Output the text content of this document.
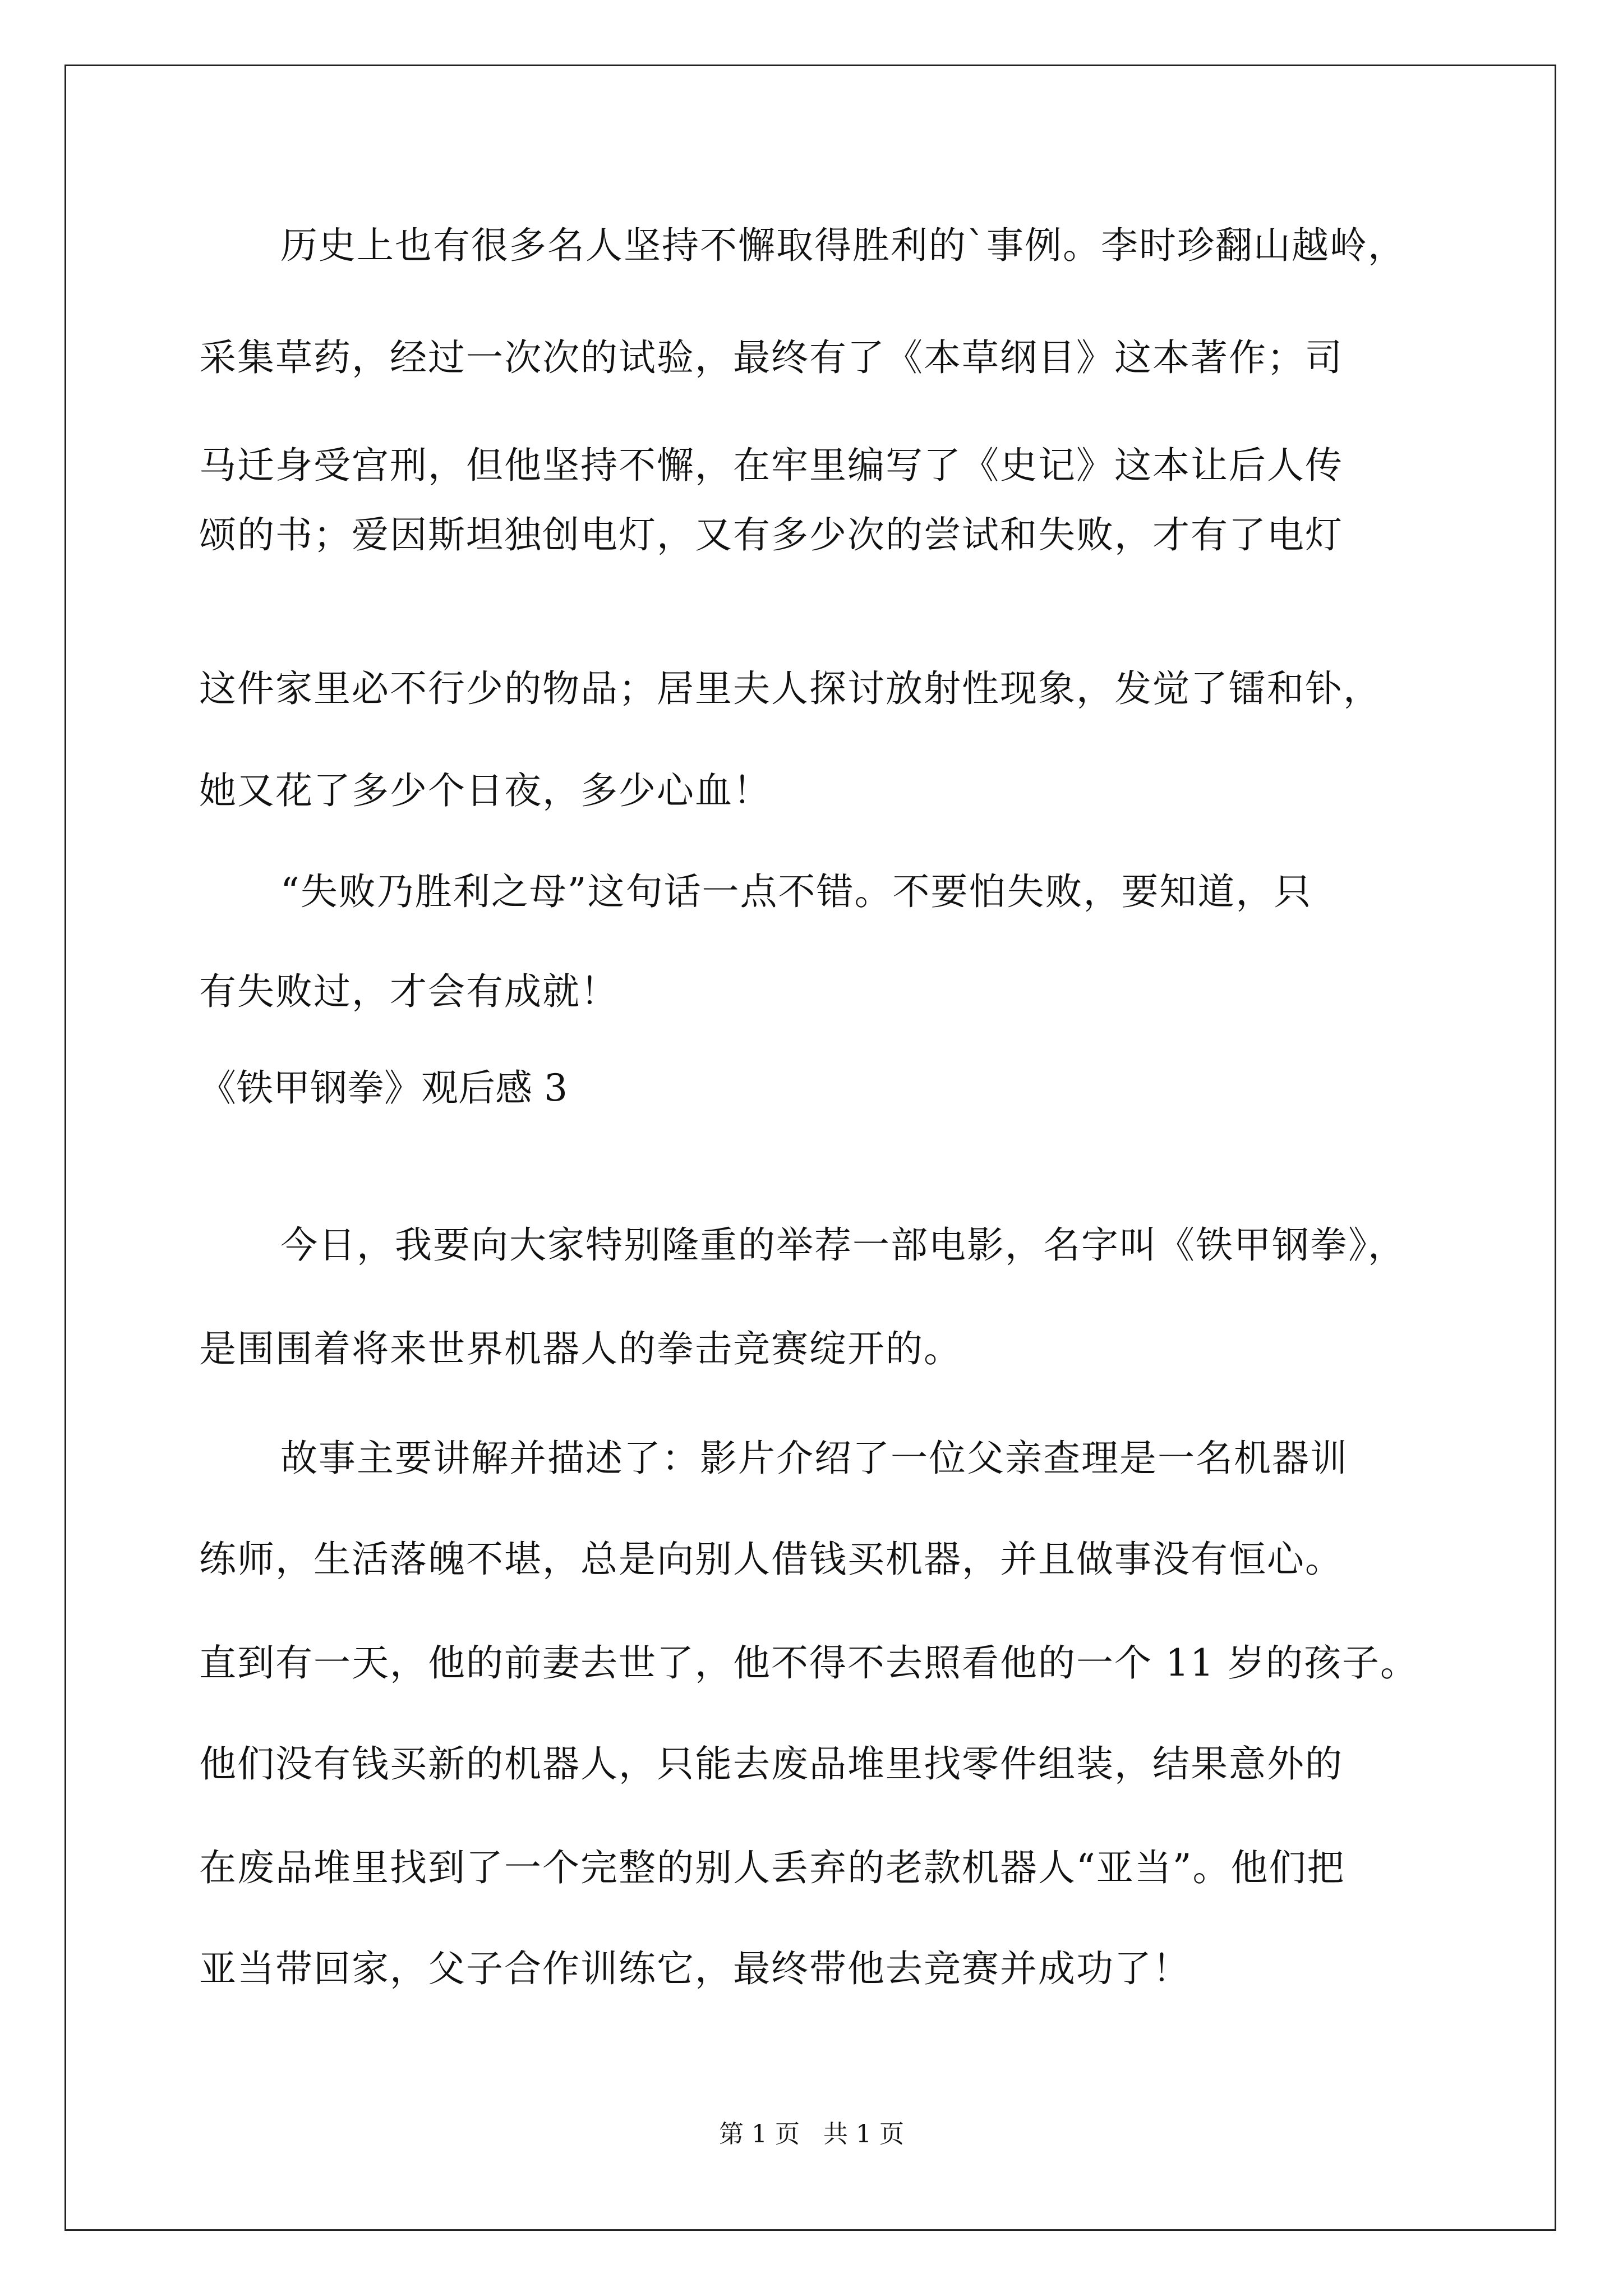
历史上也有很多名人坚持不懈取得胜利的`事例。李时珍翻山越岭，
采集草药，经过一次次的试验，最终有了《本草纲目》这本著作；司
马迁身受宫刑，但他坚持不懈，在牢里编写了《史记》这本让后人传
颂的书；爱因斯坦独创电灯，又有多少次的尝试和失败，才有了电灯
这件家里必不行少的物品；居里夫人探讨放射性现象，发觉了镭和钋，
她又花了多少个日夜，多少心血！
“失败乃胜利之母”这句话一点不错。不要怕失败，要知道，只
有失败过，才会有成就！
《铁甲钢拳》观后感 3
今日，我要向大家特别隆重的举荐一部电影，名字叫《铁甲钢拳》，
是围围着将来世界机器人的拳击竞赛绽开的。
故事主要讲解并描述了：影片介绍了一位父亲查理是一名机器训
练师，生活落魄不堪，总是向别人借钱买机器，并且做事没有恒心。
直到有一天，他的前妻去世了，他不得不去照看他的一个 11 岁的孩子。
他们没有钱买新的机器人，只能去废品堆里找零件组装，结果意外的
在废品堆里找到了一个完整的别人丢弃的老款机器人“亚当”。他们把
亚当带回家，父子合作训练它，最终带他去竞赛并成功了！
第 1 页   共 1 页
